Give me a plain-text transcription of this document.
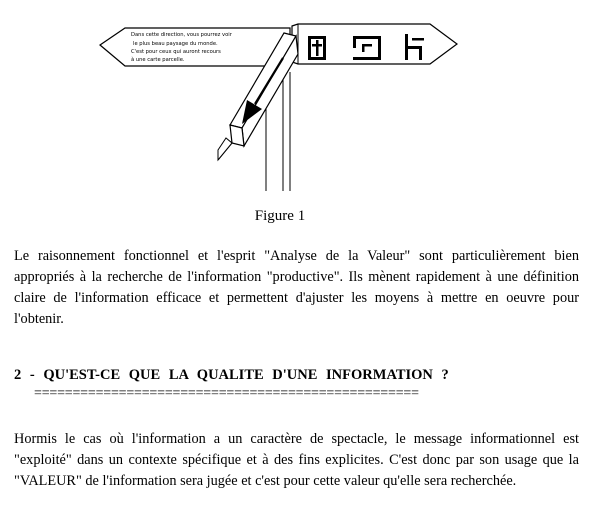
Dans cette direction, vous pourrez voir
le plus beau paysage du monde.
C'est pour ceux qui auront recours
à une carte parcelle.
Figure 1

Le raisonnement fonctionnel et l'esprit "Analyse de la Valeur" sont particulièrement bien appropriés à la recherche de l'information "productive". Ils mènent rapidement à une définition claire de l'information efficace et permettent d'ajuster les moyens à mettre en oeuvre pour l'obtenir.

2 - QU'EST-CE QUE LA QUALITE D'UNE INFORMATION ?
==================================================

Hormis le cas où l'information a un caractère de spectacle, le message informationnel est "exploité" dans un contexte spécifique et à des fins explicites. C'est donc par son usage que la "VALEUR" de l'information sera jugée et c'est pour cette valeur qu'elle sera recherchée.
